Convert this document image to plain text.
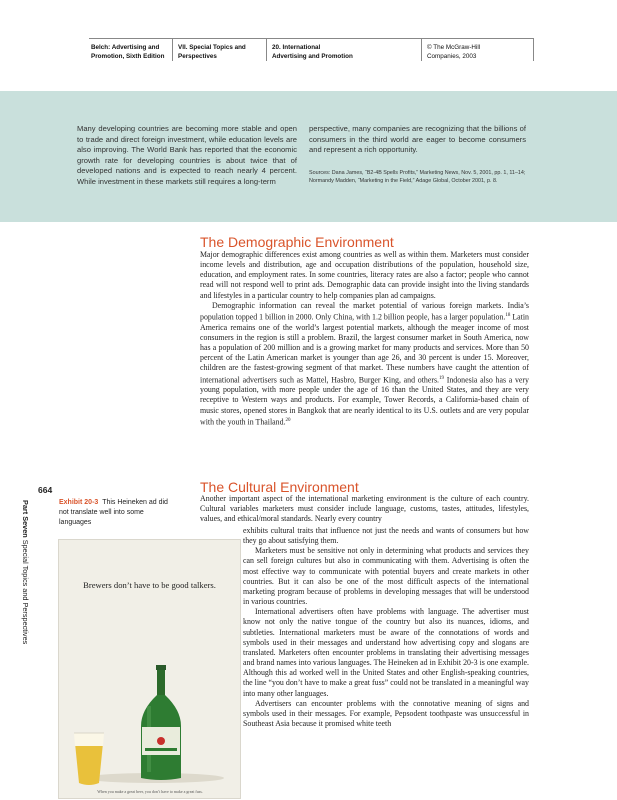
Belch: Advertising and
Promotion, Sixth Edition
VII. Special Topics and
Perspectives
20. International
Advertising and Promotion
© The McGraw-Hill
Companies, 2003
Many developing countries are becoming more stable and open to trade and direct foreign investment, while education levels are also improving. The World Bank has reported that the economic growth rate for developing countries is about twice that of developed nations and is expected to reach nearly 4 percent. While investment in these markets still requires a long-term
perspective, many companies are recognizing that the billions of consumers in the third world are eager to become consumers and represent a rich opportunity.
Sources: Dana James, “B2-4B Spells Profits,” Marketing News, Nov. 5, 2001, pp. 1, 11–14; Normandy Madden, “Marketing in the Field,” Adage Global, October 2001, p. 8.
The Demographic Environment

Major demographic differences exist among countries as well as within them. Marketers must consider income levels and distribution, age and occupation distributions of the population, household size, education, and employment rates. In some countries, literacy rates are also a factor; people who cannot read will not respond well to print ads. Demographic data can provide insight into the living standards and lifestyles in a particular country to help companies plan ad campaigns.

Demographic information can reveal the market potential of various foreign markets. India’s population topped 1 billion in 2000. Only China, with 1.2 billion people, has a larger population.$^{18}$ Latin America remains one of the world’s largest potential markets, although the meager income of most consumers in the region is still a problem. Brazil, the largest consumer market in South America, now has a population of 200 million and is a growing market for many products and services. More than 50 percent of the Latin American market is younger than age 26, and 30 percent is under 15. Moreover, children are the fastest-growing segment of that market. These numbers have caught the attention of international advertisers such as Mattel, Hasbro, Burger King, and others.$^{19}$ Indonesia also has a very young population, with more people under the age of 16 than the United States, and they are very receptive to Western ways and products. For example, Tower Records, a California-based chain of music stores, opened stores in Bangkok that are nearly identical to its U.S. outlets and are very popular with the youth in Thailand.$^{20}$

The Cultural Environment

Another important aspect of the international marketing environment is the culture of each country. Cultural variables marketers must consider include language, customs, tastes, attitudes, lifestyles, values, and ethical/moral standards. Nearly every country

exhibits cultural traits that influence not just the needs and wants of consumers but how they go about satisfying them.

Marketers must be sensitive not only in determining what products and services they can sell foreign cultures but also in communicating with them. Advertising is often the most effective way to communicate with potential buyers and create markets in other countries. But it can also be one of the most difficult aspects of the international marketing program because of problems in developing messages that will be understood in various countries.

International advertisers often have problems with language. The advertiser must know not only the native tongue of the country but also its nuances, idioms, and subtleties. International marketers must be aware of the connotations of words and symbols used in their messages and understand how advertising copy and slogans are translated. Marketers often encounter problems in translating their advertising messages and brand names into various languages. The Heineken ad in Exhibit 20-3 is one example. Although this ad worked well in the United States and other English-speaking countries, the line “you don’t have to make a great fuss” could not be translated in a meaningful way into many other languages.

Advertisers can encounter problems with the connotative meaning of signs and symbols used in their messages. For example, Pepsodent toothpaste was unsuccessful in Southeast Asia because it promised white teeth

664
Part Seven Special Topics and Perspectives
Exhibit 20-3 This Heineken ad did not translate well into some languages
Brewers don’t have to be good talkers.
When you make a great beer, you don’t have to make a great fuss.
